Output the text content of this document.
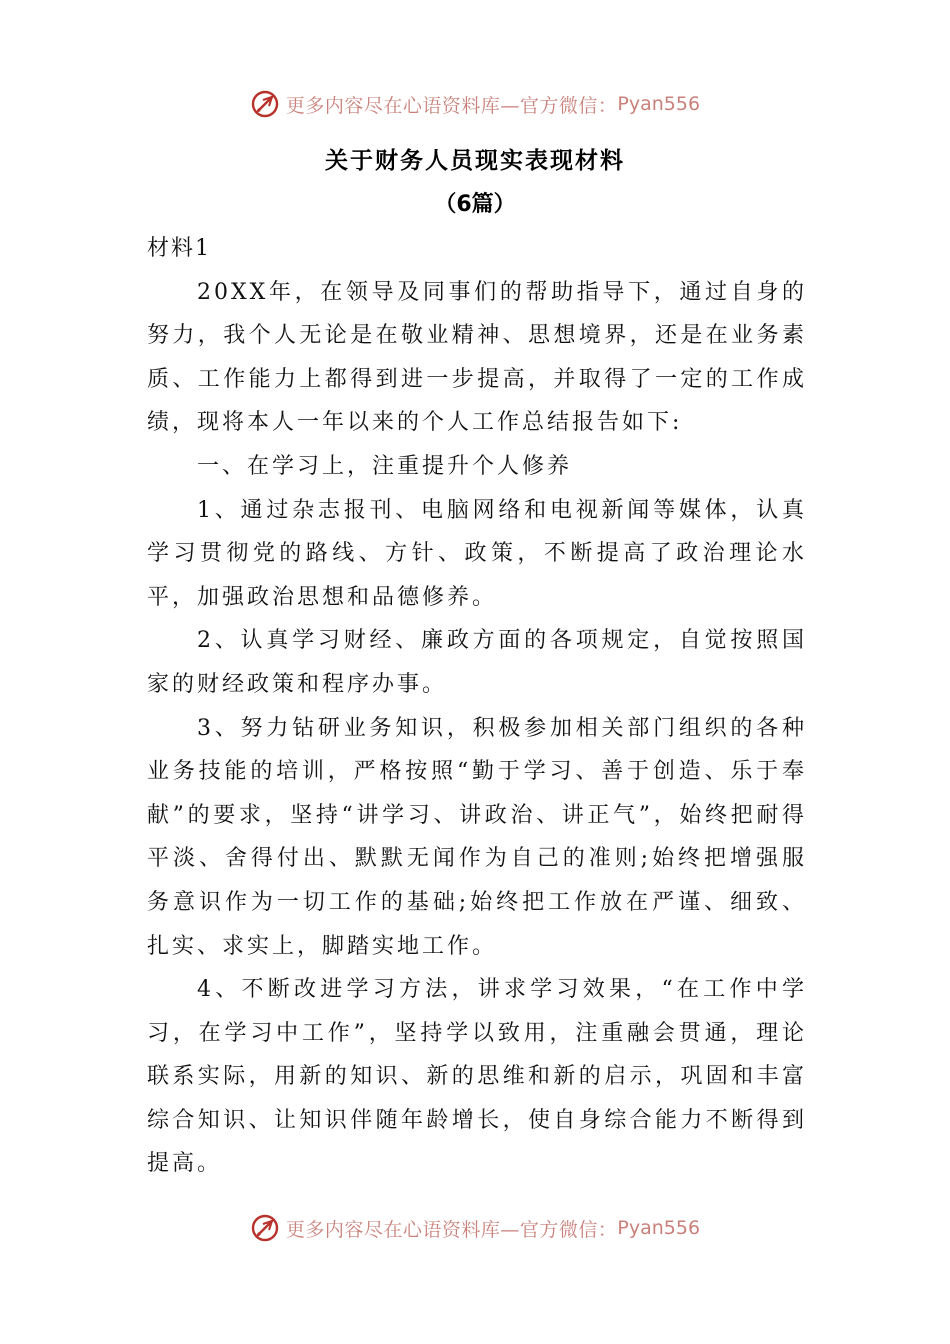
更多内容尽在心语资料库—官方微信： Pyan556
关于财务人员现实表现材料
（6篇）

材料1

20XX年，在领导及同事们的帮助指导下，通过自身的努力，我个人无论是在敬业精神、思想境界，还是在业务素质、工作能力上都得到进一步提高，并取得了一定的工作成绩，现将本人一年以来的个人工作总结报告如下:

一、在学习上，注重提升个人修养

1、通过杂志报刊、电脑网络和电视新闻等媒体，认真学习贯彻党的路线、方针、政策，不断提高了政治理论水平，加强政治思想和品德修养。

2、认真学习财经、廉政方面的各项规定，自觉按照国家的财经政策和程序办事。

3、努力钻研业务知识，积极参加相关部门组织的各种业务技能的培训，严格按照“勤于学习、善于创造、乐于奉献”的要求，坚持“讲学习、讲政治、讲正气”，始终把耐得平淡、舍得付出、默默无闻作为自己的准则;始终把增强服务意识作为一切工作的基础;始终把工作放在严谨、细致、扎实、求实上，脚踏实地工作。

4、不断改进学习方法，讲求学习效果，“在工作中学习，在学习中工作”，坚持学以致用，注重融会贯通，理论联系实际，用新的知识、新的思维和新的启示，巩固和丰富综合知识、让知识伴随年龄增长，使自身综合能力不断得到提高。

更多内容尽在心语资料库—官方微信： Pyan556
